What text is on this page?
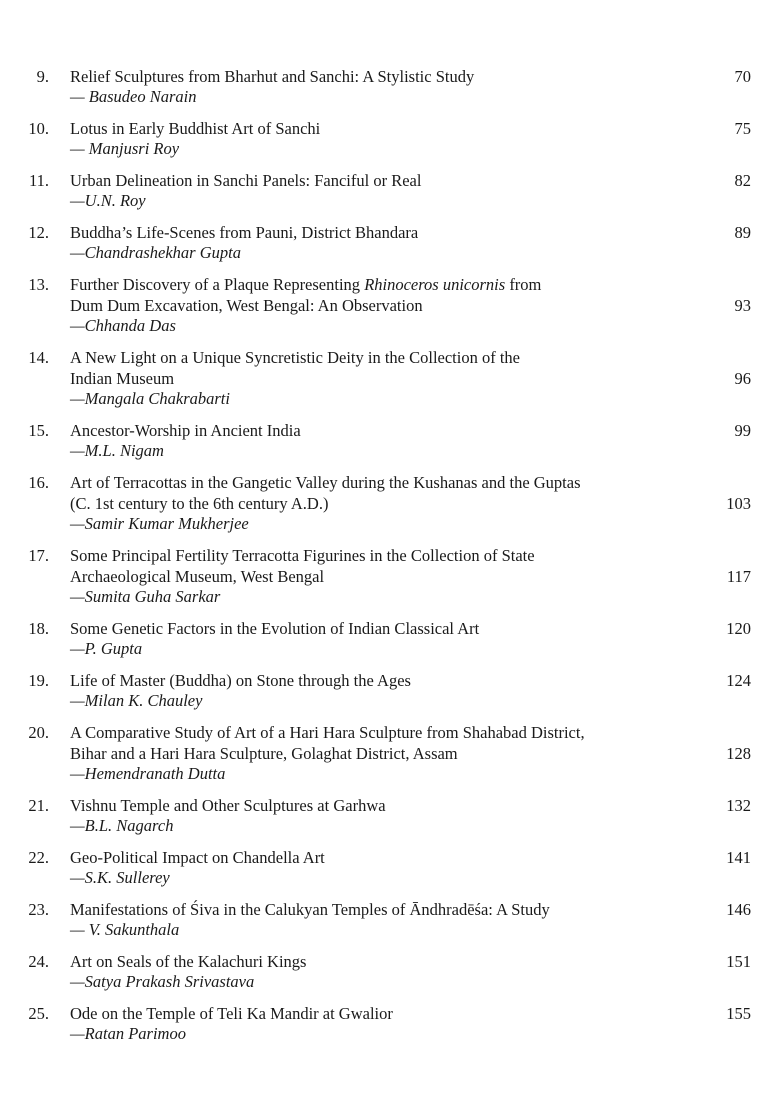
9. Relief Sculptures from Bharhut and Sanchi: A Stylistic Study
— Basudeo Narain
70
10. Lotus in Early Buddhist Art of Sanchi
— Manjusri Roy
75
11. Urban Delineation in Sanchi Panels: Fanciful or Real
—U.N. Roy
82
12. Buddha’s Life-Scenes from Pauni, District Bhandara
—Chandrashekhar Gupta
89
13. Further Discovery of a Plaque Representing Rhinoceros unicornis from
Dum Dum Excavation, West Bengal: An Observation
—Chhanda Das
93
14. A New Light on a Unique Syncretistic Deity in the Collection of the
Indian Museum
—Mangala Chakrabarti
96
15. Ancestor-Worship in Ancient India
—M.L. Nigam
99
16. Art of Terracottas in the Gangetic Valley during the Kushanas and the Guptas
(C. 1st century to the 6th century A.D.)
—Samir Kumar Mukherjee
103
17. Some Principal Fertility Terracotta Figurines in the Collection of State
Archaeological Museum, West Bengal
—Sumita Guha Sarkar
117
18. Some Genetic Factors in the Evolution of Indian Classical Art
—P. Gupta
120
19. Life of Master (Buddha) on Stone through the Ages
—Milan K. Chauley
124
20. A Comparative Study of Art of a Hari Hara Sculpture from Shahabad District,
Bihar and a Hari Hara Sculpture, Golaghat District, Assam
—Hemendranath Dutta
128
21. Vishnu Temple and Other Sculptures at Garhwa
—B.L. Nagarch
132
22. Geo-Political Impact on Chandella Art
—S.K. Sullerey
141
23. Manifestations of Śiva in the Calukyan Temples of Āndhradēśa: A Study
— V. Sakunthala
146
24. Art on Seals of the Kalachuri Kings
—Satya Prakash Srivastava
151
25. Ode on the Temple of Teli Ka Mandir at Gwalior
—Ratan Parimoo
155
